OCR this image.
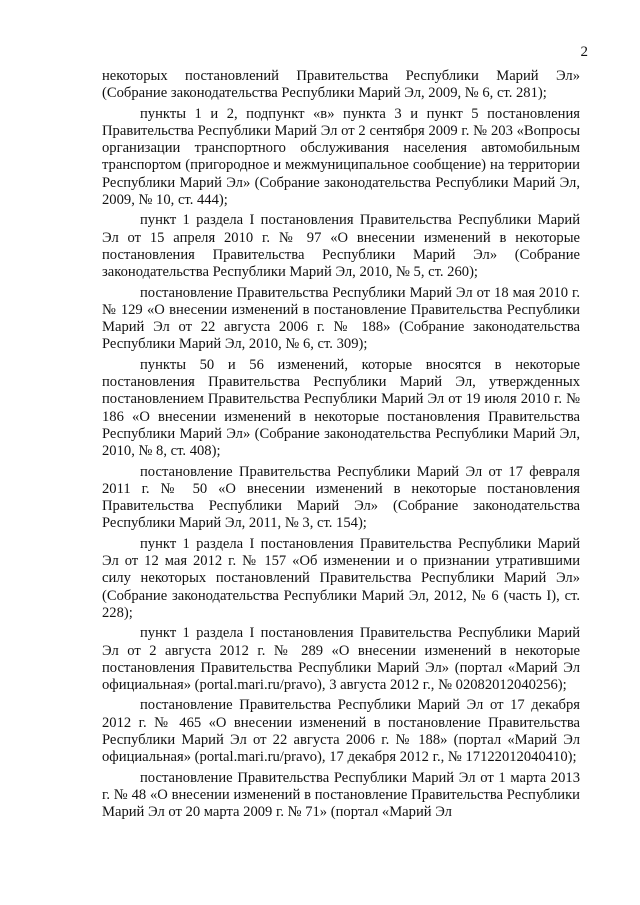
2

некоторых постановлений Правительства Республики Марий Эл» (Собрание законодательства Республики Марий Эл, 2009, № 6, ст. 281);

пункты 1 и 2, подпункт «в» пункта 3 и пункт 5 постановления Правительства Республики Марий Эл от 2 сентября 2009 г. № 203 «Вопросы организации транспортного обслуживания населения автомобильным транспортом (пригородное и межмуниципальное сообщение) на территории Республики Марий Эл» (Собрание законодательства Республики Марий Эл, 2009, № 10, ст. 444);

пункт 1 раздела I постановления Правительства Республики Марий Эл от 15 апреля 2010 г. № 97 «О внесении изменений в некоторые постановления Правительства Республики Марий Эл» (Собрание законодательства Республики Марий Эл, 2010, № 5, ст. 260);

постановление Правительства Республики Марий Эл от 18 мая 2010 г. № 129 «О внесении изменений в постановление Правительства Республики Марий Эл от 22 августа 2006 г. № 188» (Собрание законодательства Республики Марий Эл, 2010, № 6, ст. 309);

пункты 50 и 56 изменений, которые вносятся в некоторые постановления Правительства Республики Марий Эл, утвержденных постановлением Правительства Республики Марий Эл от 19 июля 2010 г. № 186 «О внесении изменений в некоторые постановления Правительства Республики Марий Эл» (Собрание законодательства Республики Марий Эл, 2010, № 8, ст. 408);

постановление Правительства Республики Марий Эл от 17 февраля 2011 г. № 50 «О внесении изменений в некоторые постановления Правительства Республики Марий Эл» (Собрание законодательства Республики Марий Эл, 2011, № 3, ст. 154);

пункт 1 раздела I постановления Правительства Республики Марий Эл от 12 мая 2012 г. № 157 «Об изменении и о признании утратившими силу некоторых постановлений Правительства Республики Марий Эл» (Собрание законодательства Республики Марий Эл, 2012, № 6 (часть I), ст. 228);

пункт 1 раздела I постановления Правительства Республики Марий Эл от 2 августа 2012 г. № 289 «О внесении изменений в некоторые постановления Правительства Республики Марий Эл» (портал «Марий Эл официальная» (portal.mari.ru/pravo), 3 августа 2012 г., № 02082012040256);

постановление Правительства Республики Марий Эл от 17 декабря 2012 г. № 465 «О внесении изменений в постановление Правительства Республики Марий Эл от 22 августа 2006 г. № 188» (портал «Марий Эл официальная» (portal.mari.ru/pravo), 17 декабря 2012 г., № 17122012040410);

постановление Правительства Республики Марий Эл от 1 марта 2013 г. № 48 «О внесении изменений в постановление Правительства Республики Марий Эл от 20 марта 2009 г. № 71» (портал «Марий Эл
